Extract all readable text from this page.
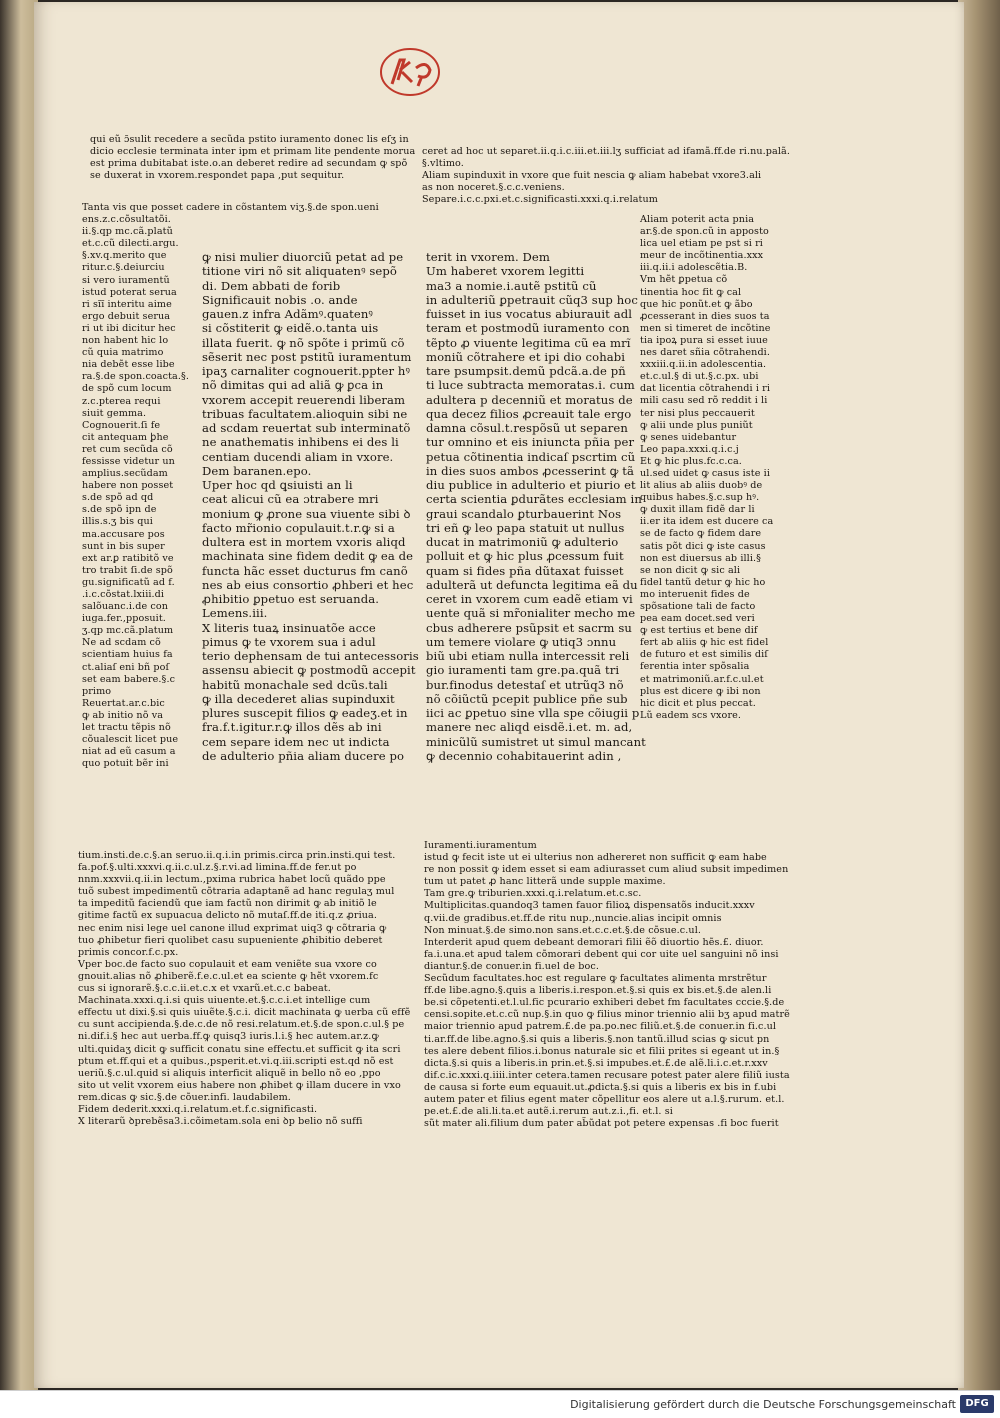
qui eũ ɔ̃sulit recedere a secũda pstito iuramento donec lis eſʒ in
dicio ecclesie terminata inter ipm et primam lite pendente morua
est prima dubitabat iste.o.an deberet redire ad secundam ꝙ spõ
se duxerat in vxorem.respondet papa ,put sequitur.
ceret ad hoc ut separet.ii.q.i.c.iii.et.iii.lʒ sufficiat ad ifamã.ff.de ri.nu.palã.
§.vltimo.
Aliam supinduxit in vxore que fuit nescia ꝙ aliam habebat vxore3.ali
as non noceret.§.c.c.veniens.
Separe.i.c.c.pxi.et.c.significasti.xxxi.q.i.relatum
Tanta vis que posset cadere in cõstantem viʒ.§.de spon.ueni
ens.z.c.cõsultatõi.
ii.§.qp mc.cã.platũ
et.c.cũ dilecti.argu.
§.xv.q.merito que
ritur.c.§.deiurciu
si vero iuramentũ
istud poterat serua
ri sı̃ı̃ interitu aime
ergo debuit serua
ri ut ibi dicitur hec
non habent hic lo
cũ quia matrimo
nia debẽt esse libe
ra.§.de spon.coacta.§.
de spõ cum locum
z.c.pterea requi
siuit gemma.
Cognouerit.ſi fe
cit antequam ꝧhe
ret cum secũda cõ
fessisse videtur un
amplius.secũdam
habere non posset
s.de spõ ad qd
s.de spõ ipn de
illis.s.ʒ bis qui
ma.accusare pos
sunt in bis super
ext ar.ꝑ ratibitõ ve
tro trabit ſi.de spõ
gu.significatũ ad f.
.i.c.cõstat.lxiii.di
salõuanc.i.de con
iuga.fer.,pposuit.
ʒ.qp mc.cã.platum
Ne ad scdam cõ
scientiam huius fa
ct.aliaſ eni bñ poſ
set eam babere.§.c
primo
Reuertat.ar.c.bic
ꝙ ab initio nõ va
let tractu tẽpis nõ
cõualescit licet pue
niat ad eũ casum a
quo potuit bẽr ini
ꝙ nisi mulier diuorciũ petat ad pe
titione viri nõ sit aliquatenꝰ sepõ
di. Dem abbati de forib
Significauit nobis .o. ande
gauen.z infra Adãmꝰ.quatenꝰ
si cõstiterit ꝙ eidẽ.o.tanta uis
illata fuerit. ꝙ nõ spõte i primũ cõ
sẽserit nec post pstitũ iuramentum
ipaʒ carnaliter cognouerit.ppter hꝰ
nõ dimitas qui ad aliã ꝙ ꝑca in
vxorem accepit reuerendi liberam
tribuas facultatem.alioquin sibi ne
ad scdam reuertat sub interminatõ
ne anathematis inhibens ei des li
centiam ducendi aliam in vxore.
Dem baranen.epo.
Uper hoc qd ꝗsiuisti an li
ceat alicui cũ ea ɔtrabere mri
monium ꝙ ꝓrone sua viuente sibi ꝺ
facto mr̃ionio copulauit.t.r.ꝙ si a
dultera est in mortem vxoris aliqd
machinata sine fidem dedit ꝙ ea de
functa hãc esset ducturus fm canõ
nes ab eius consortio ꝓhberi et hec
ꝓhibitio ꝑpetuo est seruanda.
Lemens.iii.
X literis tuaꝝ insinuatõe acce
pimus ꝙ te vxorem sua i adul
terio dephensam de tui antecessoris
assensu abiecit ꝙ postmodũ accepit
habitũ monachale sed dcũs.tali
ꝙ illa decederet alias supinduxit
plures suscepit filios ꝙ eadeʒ.et in
fra.f.t.igitur.r.ꝙ illos dẽs ab ini
cem separe idem nec ut indicta
de adulterio pñia aliam ducere po
terit in vxorem. Dem
Um haberet vxorem legitti
ma3 a nomie.i.autẽ pstitũ cũ
in adulteriũ ꝑpetrauit cũq3 sup hoc
fuisset in ius vocatus abiurauit adl
teram et postmodũ iuramento con
tẽpto ꝓ viuente legitima cũ ea mrĩ
moniũ cõtrahere et ipi dio cohabi
tare psumpsit.demũ pdcã.a.de pñ
ti luce subtracta memoratas.i. cum
adultera p decenniũ et moratus de
qua decez filios ꝓcreauit tale ergo
damna cõsul.t.respõsũ ut separen
tur omnino et eis iniuncta pñia per
petua cõtinentia indicaſ pscrtim cũ
in dies suos ambos ꝓcesserint ꝙ tã
diu publice in adulterio et piurio et
certa scientia ꝑdurãtes ecclesiam in
graui scandalo ꝑturbauerint Nos
tri eñ ꝙ leo papa statuit ut nullus
ducat in matrimoniũ ꝙ adulterio
polluit et ꝙ hic plus ꝓcessum fuit
quam si fides pña dũtaxat fuisset
adulterã ut defuncta legitima eã du
ceret in vxorem cum eadẽ etiam vi
uente quã si mr̃onialiter mecho me
cbus adherere psũpsit et sacrm su
um temere violare ꝙ utiq3 ɔnnu
biũ ubi etiam nulla intercessit reli
gio iuramenti tam gre.pa.quã tri
bur.finodus detestaſ et utrũq3 nõ
nõ cõiũctũ pcepit publice pñe sub
iici ac ꝑpetuo sine vlla spe cõiugii p
manere nec aliqd eisdẽ.i.et. m. ad,
minicũlũ sumistret ut simul mancant
ꝙ decennio cohabitauerint adin ,
Aliam poterit acta pnia
ar.§.de spon.cũ in apposto
lica uel etiam pe pst si ri
meur de incõtinentia.xxx
iii.q.ii.i adolescẽtia.B.
Vm hẽt ꝑpetua cõ
tinentia hoc fit ꝙ cal
que hic ponũt.et ꝙ ãbo
ꝓcesserant in dies suos ta
men si timeret de incõtine
tia ipoꝝ pura si esset iuue
nes daret sñia cõtrahendi.
xxxiii.q.ii.in adolescentia.
et.c.ul.§ di ut.§.c.px. ubi
dat licentia cõtrahendi i ri
mili casu sed rõ reddit i li
ter nisi plus peccauerit
ꝙ alii unde plus puniũt
ꝙ senes uidebantur
Leo papa.xxxi.q.i.c.j
Et ꝙ hic plus.fc.c.ca.
ul.sed uidet ꝙ casus iste ii
lit alius ab aliis duobꝰ de
quibus habes.§.c.sup hꝰ.
ꝙ duxit illam fidẽ dar li
ii.er ita idem est ducere ca
se de facto ꝙ fidem dare
satis põt dici ꝙ iste casus
non est diuersus ab illi.§
se non dicit ꝙ sic ali
fidel tantũ detur ꝙ hic ho
mo interuenit fides de
spõsatione tali de facto
pea eam docet.sed veri
ꝙ est tertius et bene dif
fert ab aliis ꝙ hic est fidel
de futuro et est similis diſ
ferentia inter spõsalia
et matrimoniũ.ar.f.c.ul.et
plus est dicere ꝙ ibi non
hic dicit et plus peccat.
Lũ eadem scs vxore.
tium.insti.de.c.§.an seruo.ii.q.i.in primis.circa prin.insti.qui test.
fa.pof.§.ulti.xxxvi.q.ii.c.ul.z.§.r.vi.ad limina.ff.de fer.ut po
nnm.xxxvii.q.ii.in lectum.,pxima rubrica habet locũ quãdo ppe
tuõ subest impedimentũ cõtraria adaptanẽ ad hanc regulaʒ mul
ta impeditũ faciendũ que iam factũ non dirimit ꝙ ab initiõ le
gitime factũ ex supuacua delicto nõ mutaſ.ff.de iti.q.z ꝓriua.
nec enim nisi lege uel canone illud exprimat uiq3 ꝙ cõtraria ꝙ
tuo ꝓhibetur fieri quolibet casu supueniente ꝓhibitio deberet
primis concor.f.c.px.
Vper boc.de facto suo copulauit et eam veniẽte sua vxore co
gnouit.alias nõ ꝓhiberẽ.f.e.c.ul.et ea sciente ꝙ hẽt vxorem.fc
cus si ignorarẽ.§.c.c.ii.et.c.x et vxarũ.et.c.c babeat.
Machinata.xxxi.q.i.si quis uiuente.et.§.c.c.i.et intellige cum
effectu ut dixi.§.si quis uiuẽte.§.c.i. dicit machinata ꝙ uerba cũ effẽ
cu sunt accipienda.§.de.c.de nõ resi.relatum.et.§.de spon.c.ul.§ pe
ni.dif.i.§ hec aut uerba.ff.ꝙ quisq3 iuris.l.i.§ hec autem.ar.z.ꝙ
ulti.quidaʒ dicit ꝙ sufficit conatu sine effectu.et sufficit ꝙ ita scri
ptum et.ff.qui et a quibus.,psperit.et.vi.q.iii.scripti est.qd nõ est
ueriũ.§.c.ul.quid si aliquis interficit aliquẽ in bello nõ eo ,ppo
sito ut velit vxorem eius habere non ꝓhibet ꝙ illam ducere in vxo
rem.dicas ꝙ sic.§.de cõuer.infi. laudabilem.
Fidem dederit.xxxi.q.i.relatum.et.f.c.significasti.
X literarũ ꝺprebẽsa3.i.cõimetam.sola eni ꝺp belio nõ suffi
Iuramenti.iuramentum
istud ꝙ fecit iste ut ei ulterius non adhereret non sufficit ꝙ eam habe
re non possit ꝙ idem esset si eam adiurasset cum aliud subsit impedimen
tum ut patet ꝓ hanc litterã unde supple maxime.
Tam gre.ꝙ triburien.xxxi.q.i.relatum.et.c.sc.
Multiplicitas.quandoq3 tamen fauor filioꝝ dispensatõs inducit.xxxv
q.vii.de gradibus.et.ff.de ritu nup.,nuncie.alias incipit omnis
Non minuat.§.de simo.non sans.et.c.c.et.§.de cõsue.c.ul.
Interderit apud quem debeant demorari filii ẽõ diuortio hẽs.£. diuor.
fa.i.una.et apud talem cõmorari debent qui cor uite uel sanguini nõ insi
diantur.§.de conuer.in fi.uel de boc.
Secũdum facultates.hoc est regulare ꝙ facultates alimenta mrstrẽtur
ff.de libe.agno.§.quis a liberis.i.respon.et.§.si quis ex bis.et.§.de alen.li
be.si cõpetenti.et.l.ul.fic pcurario exhiberi debet fm facultates cccie.§.de
censi.sopite.et.c.cũ nup.§.in quo ꝙ filius minor triennio alii bʒ apud matrẽ
maior triennio apud patrem.£.de pa.po.nec filiũ.et.§.de conuer.in fi.c.ul
ti.ar.ff.de libe.agno.§.si quis a liberis.§.non tantũ.illud scias ꝙ sicut pn
tes alere debent filios.i.bonus naturale sic et filii prites si egeant ut in.§
dicta.§.si quis a liberis.in prin.et.§.si impubes.et.£.de alẽ.li.i.c.et.r.xxv
dif.c.ic.xxxi.q.iiii.inter cetera.tamen recusare potest pater alere filiũ iusta
de causa si forte eum equauit.ut.ꝓdicta.§.si quis a liberis ex bis in f.ubi
autem pater et filius egent mater cõpellitur eos alere ut a.l.§.rurum. et.l.
pe.et.£.de ali.li.ta.et autẽ.i.rerum aut.z.i.,fi. et.l. si
sũt mater ali.filium dum pater ab̃ũdat pot petere expensas .fi boc fuerit
Digitalisierung gefördert durch die Deutsche Forschungsgemeinschaft DFG
